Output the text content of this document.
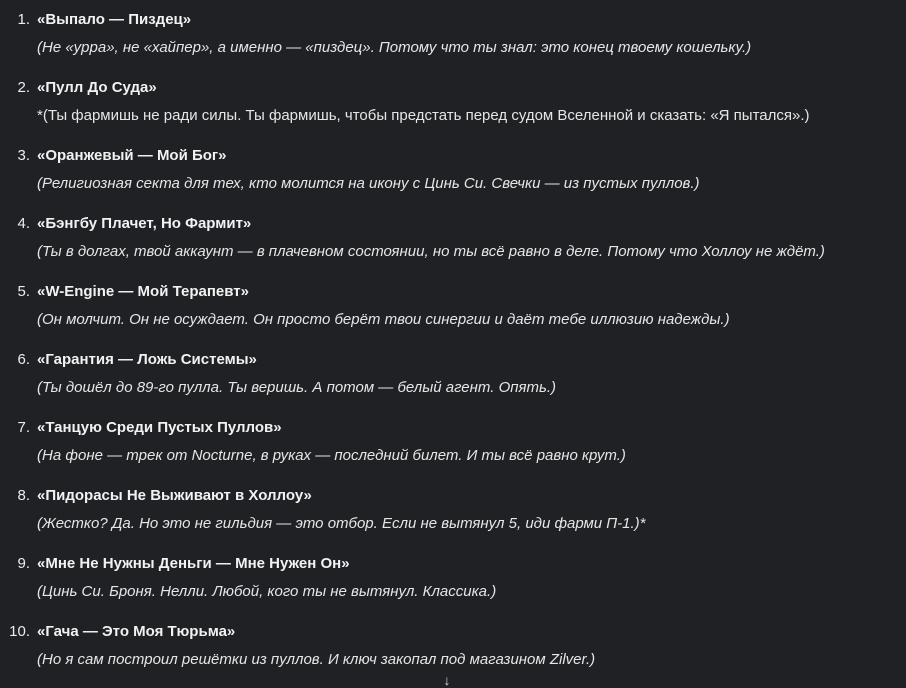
1. «Выпало — Пиздец»
(Не «урра», не «хайпер», а именно — «пиздец». Потому что ты знал: это конец твоему кошельку.)
2. «Пулл До Суда»
*(Ты фармишь не ради силы. Ты фармишь, чтобы предстать перед судом Вселенной и сказать: «Я пытался».)
3. «Оранжевый — Мой Бог»
(Религиозная секта для тех, кто молится на икону с Цинь Си. Свечки — из пустых пуллов.)
4. «Бэнгбу Плачет, Но Фармит»
(Ты в долгах, твой аккаунт — в плачевном состоянии, но ты всё равно в деле. Потому что Холлоу не ждёт.)
5. «W-Engine — Мой Терапевт»
(Он молчит. Он не осуждает. Он просто берёт твои синергии и даёт тебе иллюзию надежды.)
6. «Гарантия — Ложь Системы»
(Ты дошёл до 89-го пулла. Ты веришь. А потом — белый агент. Опять.)
7. «Танцую Среди Пустых Пуллов»
(На фоне — трек от Nocturne, в руках — последний билет. И ты всё равно крут.)
8. «Пидорасы Не Выживают в Холлоу»
(Жестко? Да. Но это не гильдия — это отбор. Если не вытянул 5, иди фарми П-1.)*
9. «Мне Не Нужны Деньги — Мне Нужен Он»
(Цинь Си. Броня. Нелли. Любой, кого ты не вытянул. Классика.)
10. «Гача — Это Моя Тюрьма»
(Но я сам построил решётки из пуллов. И ключ закопал под магазином Zilver.)
↓
